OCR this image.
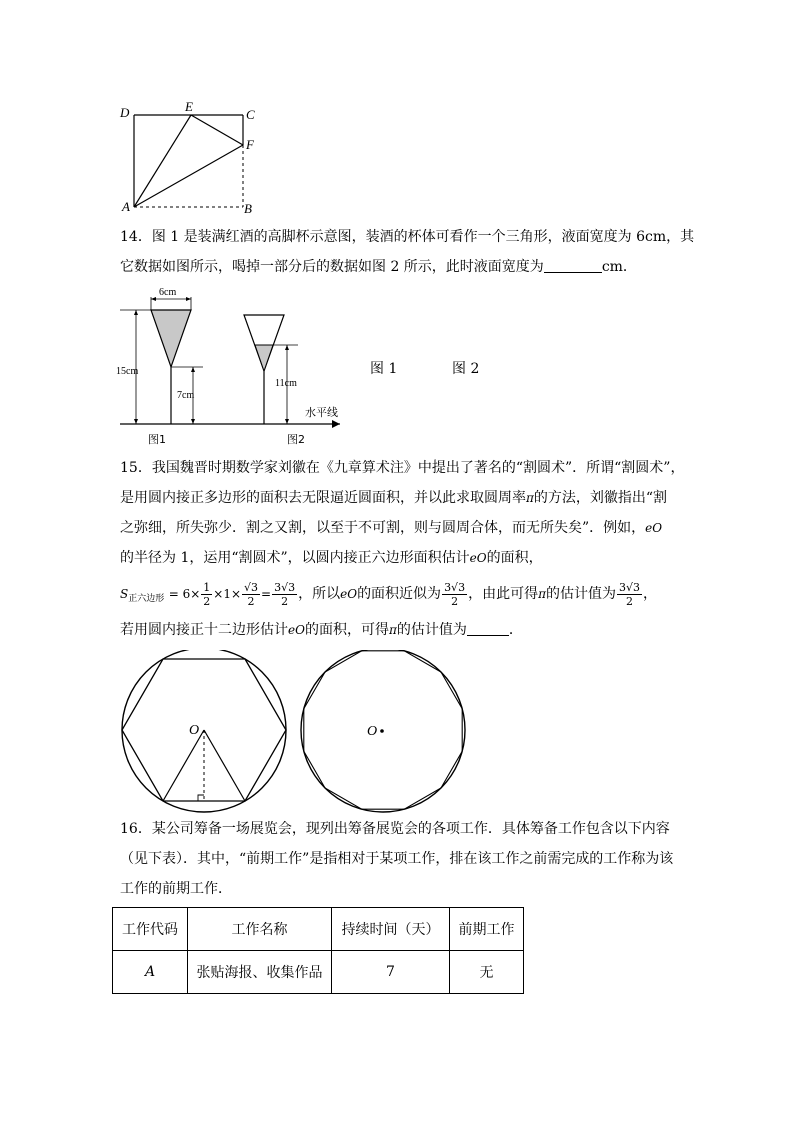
D	E
C
F
A	B
14．图 1 是装满红酒的高脚杯示意图，装酒的杯体可看作一个三角形，液面宽度为 6cm，其
它数据如图所示，喝掉一部分后的数据如图 2 所示，此时液面宽度为	cm．
6cm
15cm
7cm
11cm
水平线
图1	图2
图 1	图 2
15．我国魏晋时期数学家刘徽在《九章算术注》中提出了著名的“割圆术”．所谓“割圆术”，
是用圆内接正多边形的面积去无限逼近圆面积，并以此求取圆周率π的方法，刘徽指出“割
之弥细，所失弥少．割之又割，以至于不可割，则与圆周合体，而无所失矣”．例如，eO
的半径为 1，运用“割圆术”，以圆内接正六边形面积估计eO的面积，
$S_{正六边形} = 6\times \frac{1}{2} \times 1\times \frac{√3}{2} = \frac{3√3}{2}$ ，所以eO的面积近似为 $\frac{3√3}{2}$ ，由此可得π的估计值为 $\frac{3√3}{2}$ ，
若用圆内接正十二边形估计eO的面积，可得π的估计值为	．
O	O
16．某公司筹备一场展览会，现列出筹备展览会的各项工作．具体筹备工作包含以下内容
（见下表）．其中，“前期工作”是指相对于某项工作，排在该工作之前需完成的工作称为该
工作的前期工作．
工作代码	工作名称	持续时间（天）	前期工作
A	张贴海报、收集作品	7	无
